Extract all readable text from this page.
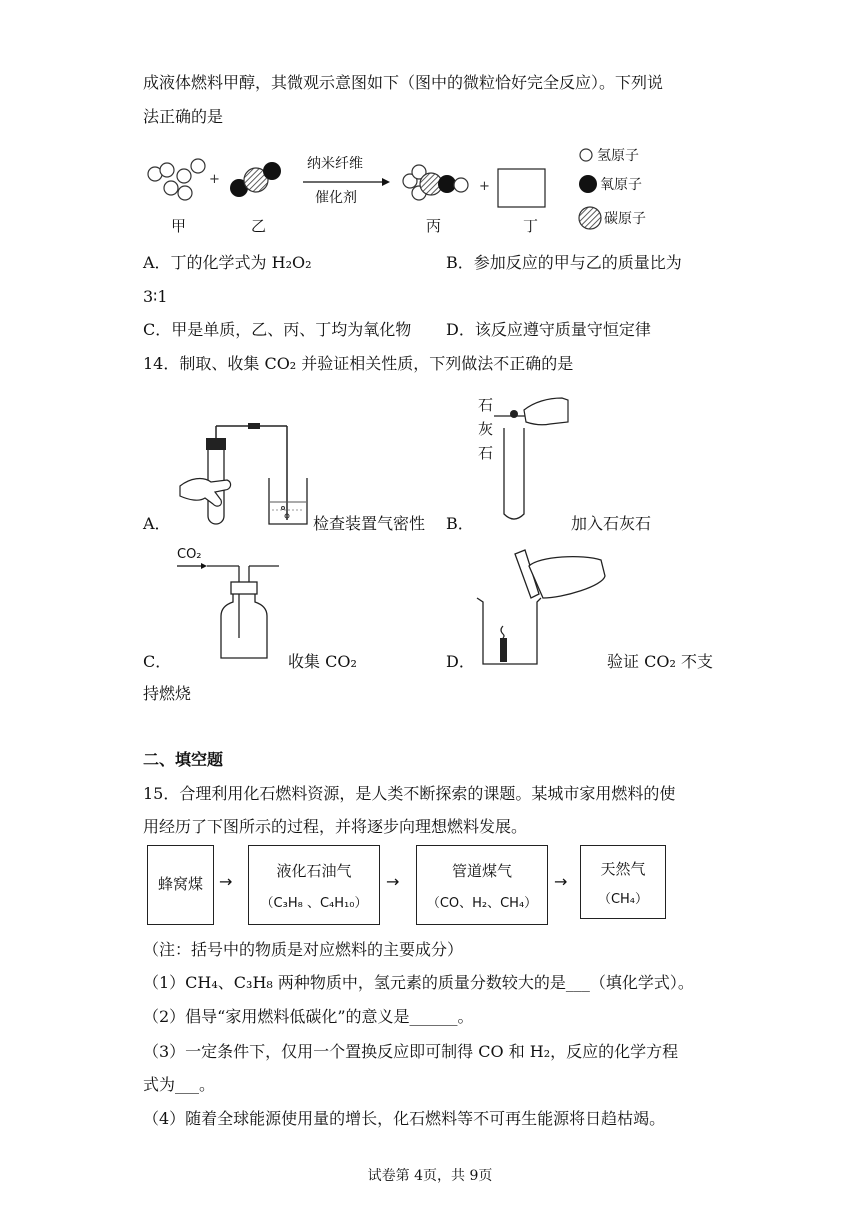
成液体燃料甲醇，其微观示意图如下（图中的微粒恰好完全反应）。下列说
法正确的是
+
纳米纤维
催化剂
+
甲	乙	丙	丁
氢原子
氧原子
碳原子
A．丁的化学式为 H₂O₂	B．参加反应的甲与乙的质量比为
3∶1
C．甲是单质，乙、丙、丁均为氧化物 D．该反应遵守质量守恒定律
14．制取、收集 CO₂ 并验证相关性质，下列做法不正确的是
A．	检查装置气密性
石
灰
石
B．	加入石灰石
CO₂
C．	收集 CO₂	D．	验证 CO₂ 不支
持燃烧
二、填空题
15．合理利用化石燃料资源，是人类不断探索的课题。某城市家用燃料的使
用经历了下图所示的过程，并将逐步向理想燃料发展。
蜂窝煤	→
液化石油气
（C₃H₈ 、C₄H₁₀）
→
管道煤气
（CO、H₂、CH₄）
→
天然气
（CH₄）
（注：括号中的物质是对应燃料的主要成分）
（1）CH₄、C₃H₈ 两种物质中，氢元素的质量分数较大的是___（填化学式）。
（2）倡导“家用燃料低碳化”的意义是______。
（3）一定条件下，仅用一个置换反应即可制得 CO 和 H₂，反应的化学方程
式为___。
（4）随着全球能源使用量的增长，化石燃料等不可再生能源将日趋枯竭。
试卷第 4页，共 9页
